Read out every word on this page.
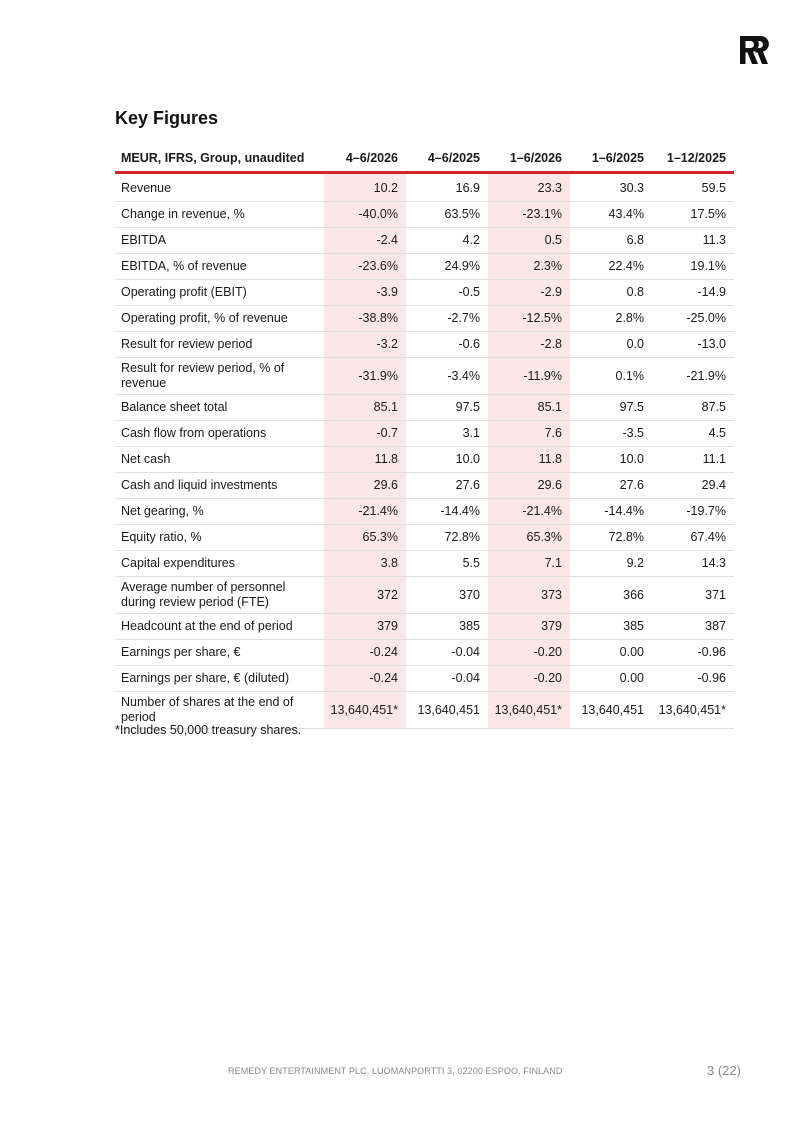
Key Figures
MEUR, IFRS, Group, unaudited	4–6/2026	4–6/2025	1–6/2026	1–6/2025	1–12/2025
Revenue	10.2	16.9	23.3	30.3	59.5
Change in revenue, %	-40.0%	63.5%	-23.1%	43.4%	17.5%
EBITDA	-2.4	4.2	0.5	6.8	11.3
EBITDA, % of revenue	-23.6%	24.9%	2.3%	22.4%	19.1%
Operating profit (EBIT)	-3.9	-0.5	-2.9	0.8	-14.9
Operating profit, % of revenue	-38.8%	-2.7%	-12.5%	2.8%	-25.0%
Result for review period	-3.2	-0.6	-2.8	0.0	-13.0
Result for review period, % of revenue	-31.9%	-3.4%	-11.9%	0.1%	-21.9%
Balance sheet total	85.1	97.5	85.1	97.5	87.5
Cash flow from operations	-0.7	3.1	7.6	-3.5	4.5
Net cash	11.8	10.0	11.8	10.0	11.1
Cash and liquid investments	29.6	27.6	29.6	27.6	29.4
Net gearing, %	-21.4%	-14.4%	-21.4%	-14.4%	-19.7%
Equity ratio, %	65.3%	72.8%	65.3%	72.8%	67.4%
Capital expenditures	3.8	5.5	7.1	9.2	14.3
Average number of personnel during review period (FTE)	372	370	373	366	371
Headcount at the end of period	379	385	379	385	387
Earnings per share, €	-0.24	-0.04	-0.20	0.00	-0.96
Earnings per share, € (diluted)	-0.24	-0.04	-0.20	0.00	-0.96
Number of shares at the end of period	13,640,451*	13,640,451	13,640,451*	13,640,451	13,640,451*
*Includes 50,000 treasury shares.
REMEDY ENTERTAINMENT PLC. LUOMANPORTTI 3, 02200 ESPOO, FINLAND	3 (22)
